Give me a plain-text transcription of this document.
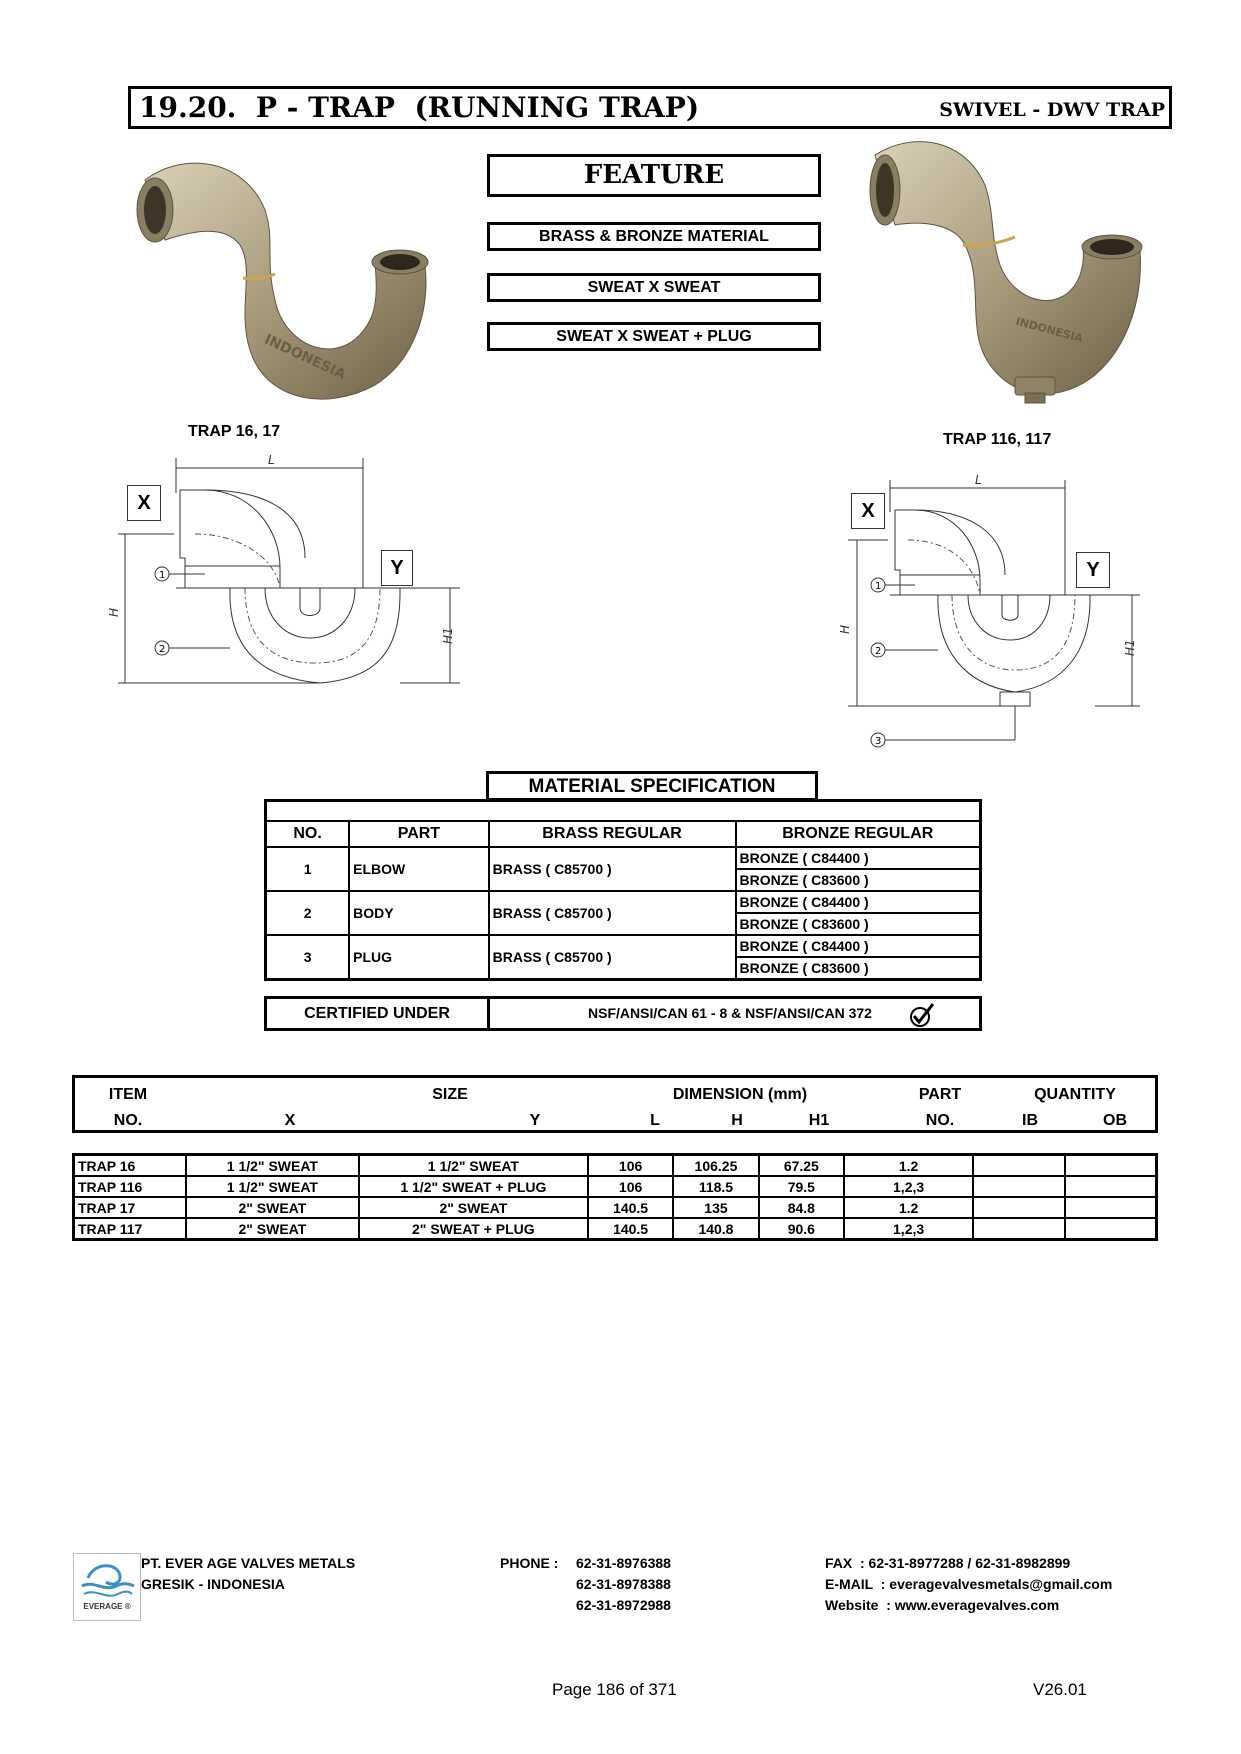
19.20.  P - TRAP  (RUNNING TRAP)	SWIVEL - DWV TRAP
FEATURE
BRASS & BRONZE MATERIAL
SWEAT X SWEAT
SWEAT X SWEAT + PLUG
INDONESIA
TRAP 16, 17
INDONESIA
TRAP 116, 117
L
H
H1
1
2
X
Y
L
H
H1
1
2
3
X
Y
MATERIAL SPECIFICATION

NO.	PART	BRASS REGULAR	BRONZE REGULAR
1	ELBOW	BRASS ( C85700 )	BRONZE ( C84400 )
			BRONZE ( C83600 )
2	BODY	BRASS ( C85700 )	BRONZE ( C84400 )
			BRONZE ( C83600 )
3	PLUG	BRASS ( C85700 )	BRONZE ( C84400 )
			BRONZE ( C83600 )
CERTIFIED UNDER	NSF/ANSI/CAN 61 - 8 & NSF/ANSI/CAN 372
ITEM
NO.
SIZE
X	Y
DIMENSION (mm)
L	H	H1
PART
NO.
QUANTITY
IB	OB
TRAP 16	1 1/2" SWEAT	1 1/2" SWEAT	106	106.25	67.25	1.2		
TRAP 116	1 1/2" SWEAT	1 1/2" SWEAT + PLUG	106	118.5	79.5	1,2,3		
TRAP 17	2" SWEAT	2" SWEAT	140.5	135	84.8	1.2		
TRAP 117	2" SWEAT	2" SWEAT + PLUG	140.5	140.8	90.6	1,2,3		
EVERAGE ®
PT. EVER AGE VALVES METALS
GRESIK - INDONESIA
PHONE : 62-31-8976388
62-31-8978388
62-31-8972988
FAX  : 62-31-8977288 / 62-31-8982899
E-MAIL  : everagevalvesmetals@gmail.com
Website  : www.everagevalves.com
Page 186 of 371	V26.01
